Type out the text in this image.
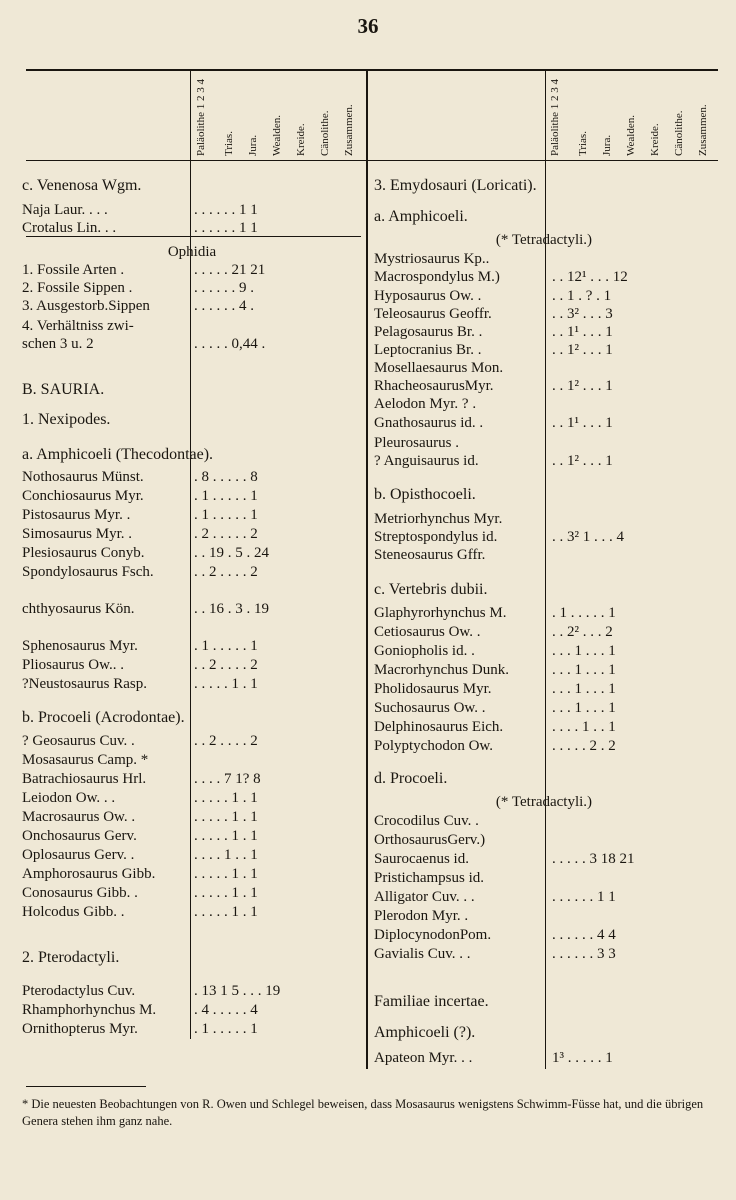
36
Paläolithe 1 2 3 4 Trias. Jura. Wealden. Kreide. Cänolithe. Zusammen.	Paläolithe 1 2 3 4 Trias. Jura. Wealden. Kreide. Cänolithe. Zusammen.
c. Venenosa Wgm.
Naja Laur. . . .	. . . . . . 1 1
Crotalus Lin. . .	. . . . . . 1 1
Ophidia
1. Fossile Arten .	. . . . . 21 21
2. Fossile Sippen .	. . . . . . 9 .
3. Ausgestorb.Sippen	. . . . . . 4 .
4. Verhältniss zwi-
schen 3 u. 2	. . . . . 0,44 .
B. SAURIA.
1. Nexipodes.
a. Amphicoeli (Thecodontae).
Nothosaurus Münst.	. 8 . . . . . 8
Conchiosaurus Myr.	. 1 . . . . . 1
Pistosaurus Myr. .	. 1 . . . . . 1
Simosaurus Myr. .	. 2 . . . . . 2
Plesiosaurus Conyb.	. . 19 . 5 . 24
Spondylosaurus Fsch.	. . 2 . . . . 2
chthyosaurus Kön.	. . 16 . 3 . 19
Sphenosaurus Myr.	. 1 . . . . . 1
Pliosaurus Ow.. .	. . 2 . . . . 2
?Neustosaurus Rasp.	. . . . . 1 . 1
b. Procoeli (Acrodontae).
? Geosaurus Cuv. .	. . 2 . . . . 2
Mosasaurus Camp. *
Batrachiosaurus Hrl.	. . . . 7 1? 8
Leiodon Ow. . .	. . . . . 1 . 1
Macrosaurus Ow. .	. . . . . 1 . 1
Onchosaurus Gerv.	. . . . . 1 . 1
Oplosaurus Gerv. .	. . . . 1 . . 1
Amphorosaurus Gibb.	. . . . . 1 . 1
Conosaurus Gibb. .	. . . . . 1 . 1
Holcodus Gibb. .	. . . . . 1 . 1
2. Pterodactyli.
Pterodactylus Cuv.	. 13 1 5 . . . 19
Rhamphorhynchus M.	. 4 . . . . . 4
Ornithopterus Myr.	. 1 . . . . . 1
3. Emydosauri (Loricati).
a. Amphicoeli.
(* Tetradactyli.)
Mystriosaurus Kp..
Macrospondylus M.)	. . 12¹ . . . 12
Hyposaurus Ow. .	. . 1 . ? . 1
Teleosaurus Geoffr.	. . 3² . . . 3
Pelagosaurus Br. .	. . 1¹ . . . 1
Leptocranius Br. .	. . 1² . . . 1
Mosellaesaurus Mon.
RhacheosaurusMyr.	. . 1² . . . 1
Aelodon Myr. ? .
Gnathosaurus id. .	. . 1¹ . . . 1
Pleurosaurus .
? Anguisaurus id.	. . 1² . . . 1
b. Opisthocoeli.
Metriorhynchus Myr.
Streptospondylus id.	. . 3² 1 . . . 4
Steneosaurus Gffr.
c. Vertebris dubii.
Glaphyrorhynchus M.	. 1 . . . . . 1
Cetiosaurus Ow. .	. . 2² . . . 2
Goniopholis id. .	. . . 1 . . . 1
Macrorhynchus Dunk.	. . . 1 . . . 1
Pholidosaurus Myr.	. . . 1 . . . 1
Suchosaurus Ow. .	. . . 1 . . . 1
Delphinosaurus Eich.	. . . . 1 . . 1
Polyptychodon Ow.	. . . . . 2 . 2
d. Procoeli.
(* Tetradactyli.)
Crocodilus Cuv. .
OrthosaurusGerv.)
Saurocaenus id.	. . . . . 3 18 21
Pristichampsus id.
Alligator Cuv. . .	. . . . . . 1 1
Plerodon Myr. .
DiplocynodonPom.	. . . . . . 4 4
Gavialis Cuv. . .	. . . . . . 3 3
Familiae incertae.
Amphicoeli (?).
Apateon Myr. . .	1³ . . . . . 1
* Die neuesten Beobachtungen von R. Owen und Schlegel beweisen, dass Mosasaurus wenigstens Schwimm-Füsse hat, und die übrigen Genera stehen ihm ganz nahe.
